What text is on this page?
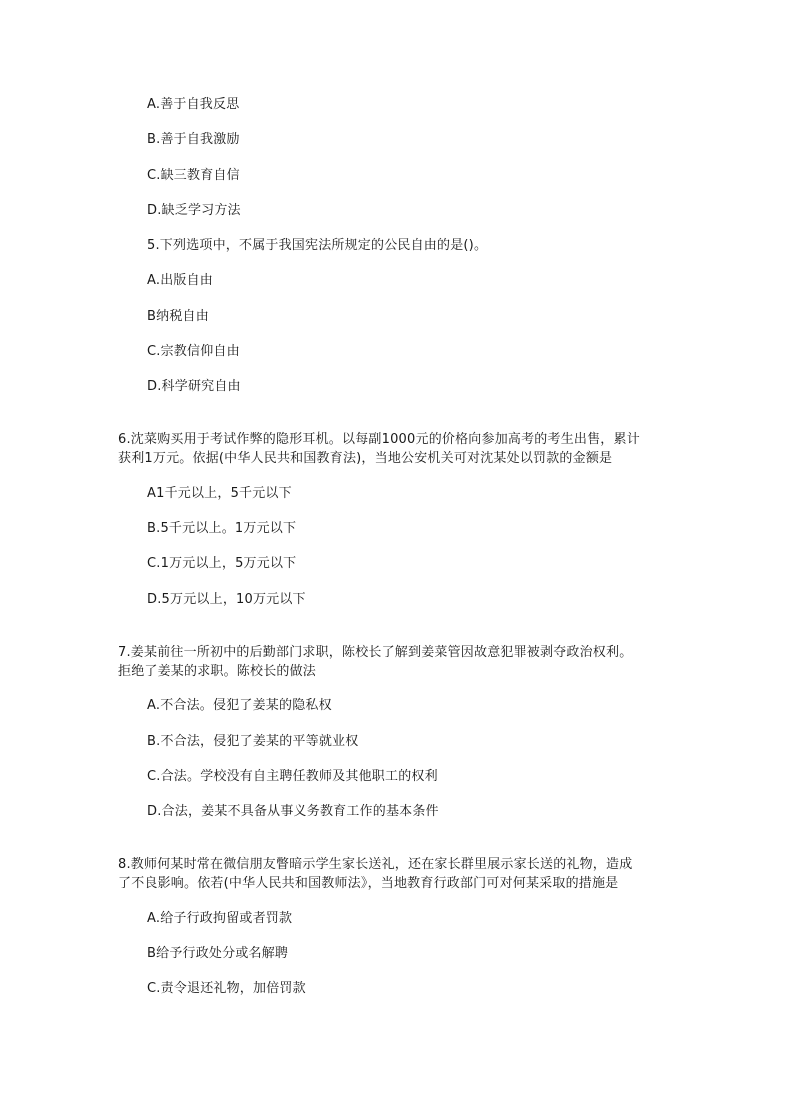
A.善于自我反思
B.善于自我激励
C.缺三教育自信
D.缺乏学习方法
5.下列选项中，不属于我国宪法所规定的公民自由的是()。
A.出版自由
B纳税自由
C.宗教信仰自由
D.科学研究自由
6.沈菜购买用于考试作弊的隐形耳机。以每副1000元的价格向参加高考的考生出售，累计
获利1万元。依据(中华人民共和国教育法)，当地公安机关可对沈某处以罚款的金额是
A1千元以上，5千元以下
B.5千元以上。1万元以下
C.1万元以上，5万元以下
D.5万元以上，10万元以下
7.姜某前往一所初中的后勤部门求职，陈校长了解到姜菜管因故意犯罪被剥夺政治权利。
拒绝了姜某的求职。陈校长的做法
A.不合法。侵犯了姜某的隐私权
B.不合法，侵犯了姜某的平等就业权
C.合法。学校没有自主聘任教师及其他职工的权利
D.合法，姜某不具备从事义务教育工作的基本条件
8.教师何某时常在微信朋友瞥暗示学生家长送礼，还在家长群里展示家长送的礼物，造成
了不良影响。依若(中华人民共和国教师法》，当地教育行政部门可对何某采取的措施是
A.给子行政拘留或者罚款
B给予行政处分或名解聘
C.责令退还礼物，加倍罚款
